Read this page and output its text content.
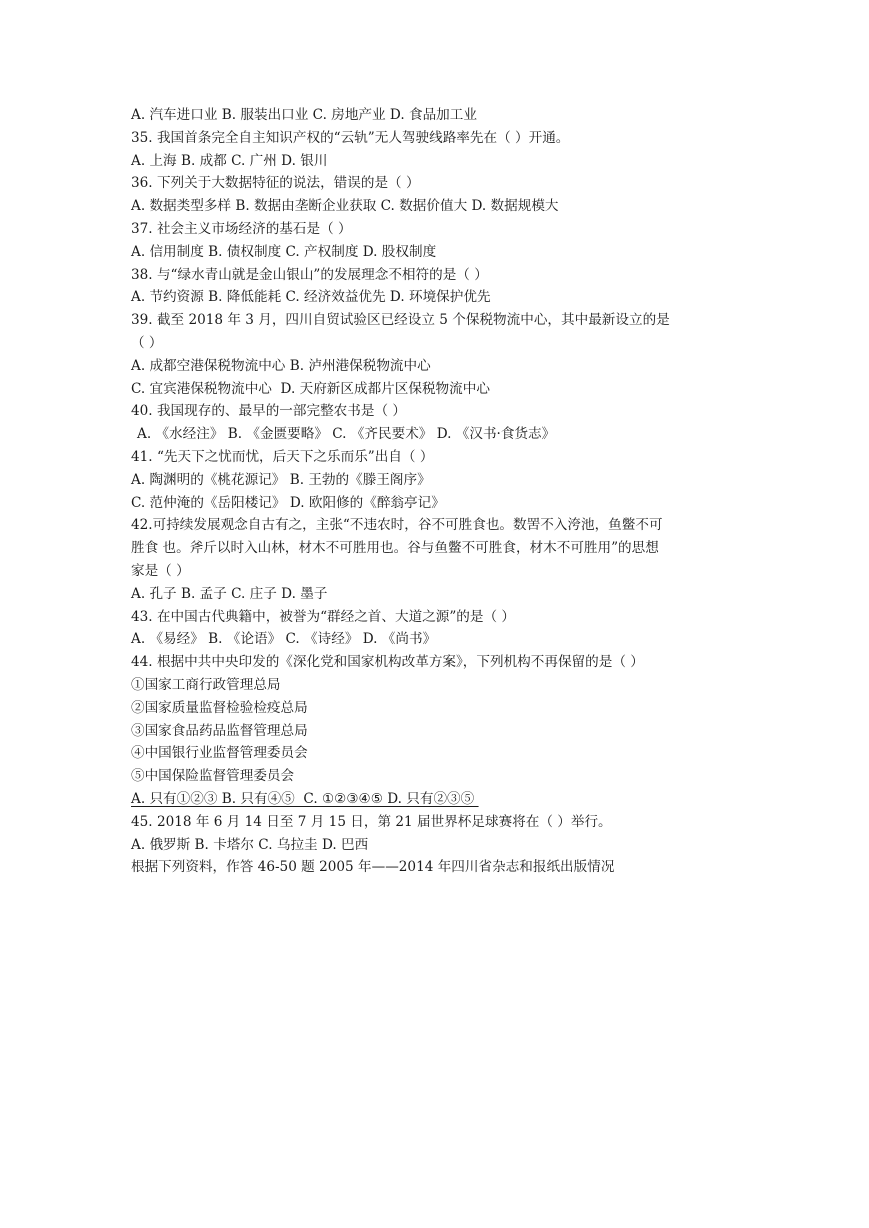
A. 汽车进口业 B. 服装出口业 C. 房地产业 D. 食品加工业
35. 我国首条完全自主知识产权的“云轨”无人驾驶线路率先在（ ）开通。
A. 上海 B. 成都 C. 广州 D. 银川
36. 下列关于大数据特征的说法，错误的是（ ）
A. 数据类型多样 B. 数据由垄断企业获取 C. 数据价值大 D. 数据规模大
37. 社会主义市场经济的基石是（ ）
A. 信用制度 B. 债权制度 C. 产权制度 D. 股权制度
38. 与“绿水青山就是金山银山”的发展理念不相符的是（ ）
A. 节约资源 B. 降低能耗 C. 经济效益优先 D. 环境保护优先
39. 截至 2018 年 3 月，四川自贸试验区已经设立 5 个保税物流中心，其中最新设立的是
（ ）
A. 成都空港保税物流中心 B. 泸州港保税物流中心
C. 宜宾港保税物流中心  D. 天府新区成都片区保税物流中心
40. 我国现存的、最早的一部完整农书是（ ）
A. 《水经注》 B. 《金匮要略》 C. 《齐民要术》 D. 《汉书·食货志》
41. “先天下之忧而忧，后天下之乐而乐”出自（ ）
A. 陶渊明的《桃花源记》 B. 王勃的《滕王阁序》
C. 范仲淹的《岳阳楼记》 D. 欧阳修的《醉翁亭记》
42.可持续发展观念自古有之，主张“不违农时，谷不可胜食也。数罟不入洿池，鱼鳖不可
胜食 也。斧斤以时入山林，材木不可胜用也。谷与鱼鳖不可胜食，材木不可胜用”的思想
家是（ ）
A. 孔子 B. 孟子 C. 庄子 D. 墨子
43. 在中国古代典籍中，被誉为“群经之首、大道之源”的是（ ）
A. 《易经》 B. 《论语》 C. 《诗经》 D. 《尚书》
44. 根据中共中央印发的《深化党和国家机构改革方案》，下列机构不再保留的是（ ）
①国家工商行政管理总局
②国家质量监督检验检疫总局
③国家食品药品监督管理总局
④中国银行业监督管理委员会
⑤中国保险监督管理委员会
A. 只有①②③ B. 只有④⑤  C. ①②③④⑤ D. 只有②③⑤
45. 2018 年 6 月 14 日至 7 月 15 日，第 21 届世界杯足球赛将在（ ）举行。
A. 俄罗斯 B. 卡塔尔 C. 乌拉圭 D. 巴西
根据下列资料，作答 46-50 题 2005 年——2014 年四川省杂志和报纸出版情况
